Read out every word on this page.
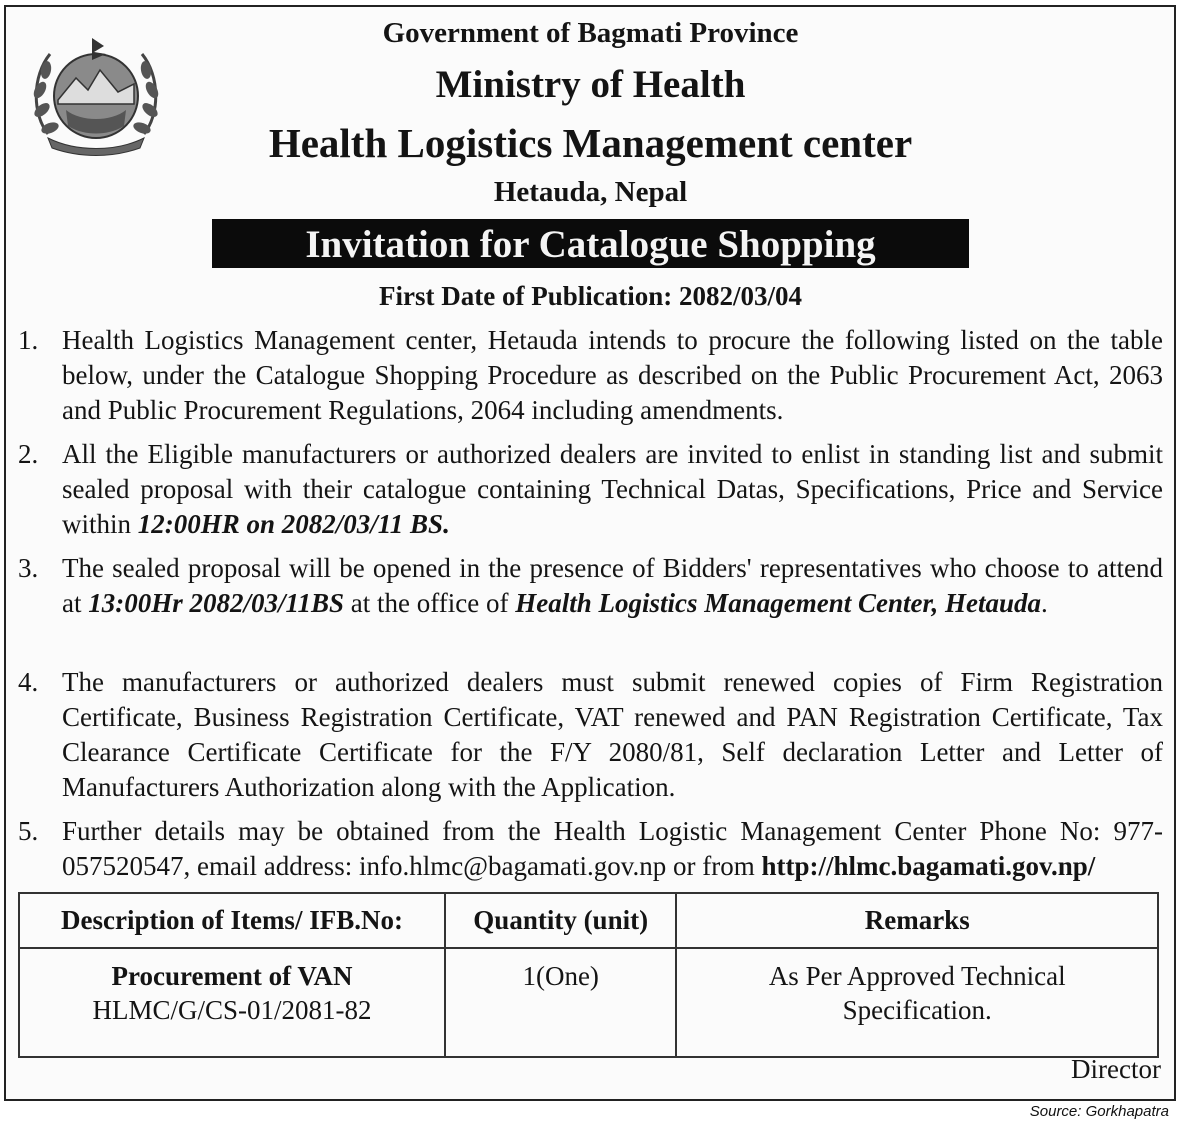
Government of Bagmati Province
Ministry of Health
Health Logistics Management center
Hetauda, Nepal
Invitation for Catalogue Shopping
First Date of Publication: 2082/03/04
1. Health Logistics Management center, Hetauda intends to procure the following listed on the table below, under the Catalogue Shopping Procedure as described on the Public Procurement Act, 2063 and Public Procurement Regulations, 2064 including amendments.
2. All the Eligible manufacturers or authorized dealers are invited to enlist in standing list and submit sealed proposal with their catalogue containing Technical Datas, Specifications, Price and Service within 12:00HR on 2082/03/11 BS.
3. The sealed proposal will be opened in the presence of Bidders' representatives who choose to attend at 13:00Hr 2082/03/11BS at the office of Health Logistics Management Center, Hetauda.
4. The manufacturers or authorized dealers must submit renewed copies of Firm Registration Certificate, Business Registration Certificate, VAT renewed and PAN Registration Certificate, Tax Clearance Certificate Certificate for the F/Y 2080/81, Self declaration Letter and Letter of Manufacturers Authorization along with the Application.
5. Further details may be obtained from the Health Logistic Management Center Phone No: 977-057520547, email address: info.hlmc@bagamati.gov.np or from http://hlmc.bagamati.gov.np/
Description of Items/ IFB.No:	Quantity (unit)	Remarks

Procurement of VAN
HLMC/G/CS-01/2081-82	1(One)	As Per Approved Technical Specification.
Director
Source: Gorkhapatra
